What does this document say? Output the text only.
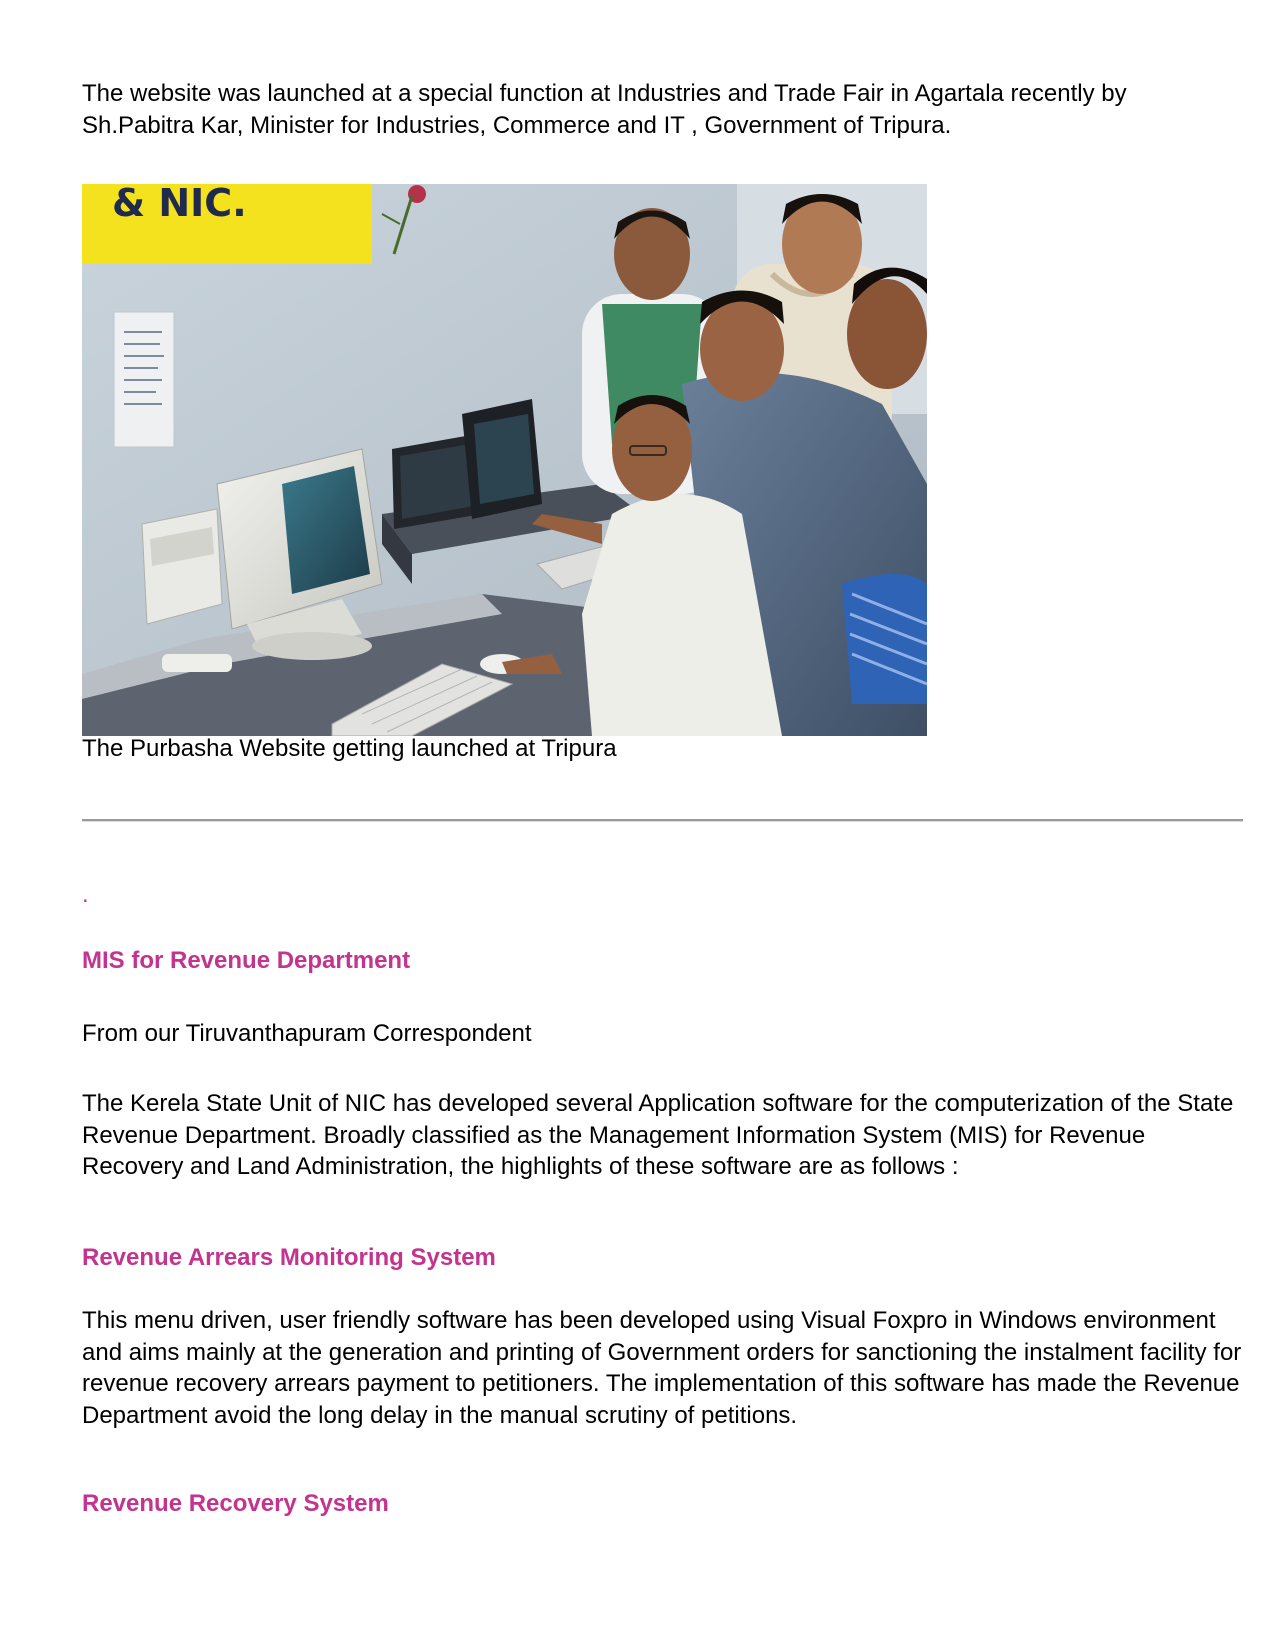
The website was launched at a special function at Industries and Trade Fair in Agartala recently by Sh.Pabitra Kar, Minister for Industries, Commerce and IT , Government of Tripura.

& NIC.

The Purbasha Website getting launched at Tripura

.

MIS for Revenue Department

From our Tiruvanthapuram Correspondent

The Kerela State Unit of NIC has developed several Application software for the computerization of the State Revenue Department. Broadly classified as the Management Information System (MIS) for Revenue Recovery and Land Administration, the highlights of these software are as follows :

Revenue Arrears Monitoring System

This menu driven, user friendly software has been developed using Visual Foxpro in Windows environment and aims mainly at the generation and printing of Government orders for sanctioning the instalment facility for revenue recovery arrears payment to petitioners. The implementation of this software has made the Revenue Department avoid the long delay in the manual scrutiny of petitions.

Revenue Recovery System
